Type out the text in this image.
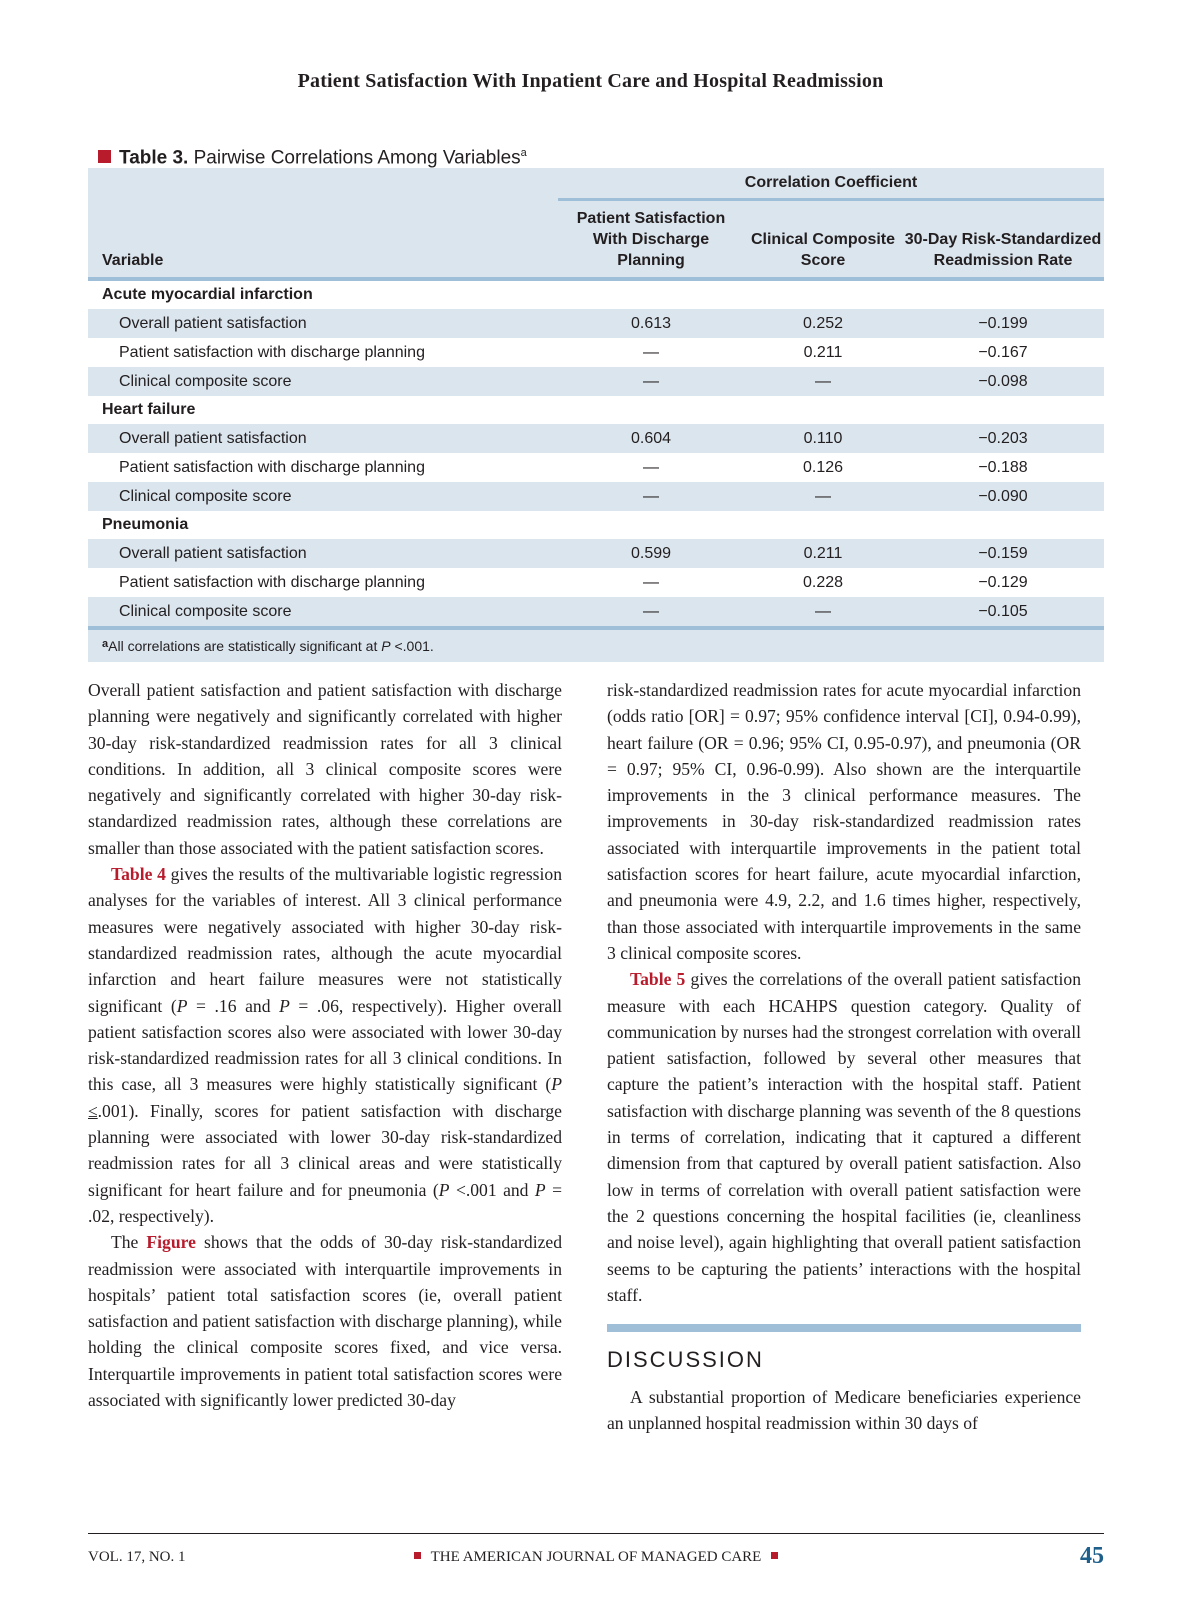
Patient Satisfaction With Inpatient Care and Hospital Readmission
Table 3. Pairwise Correlations Among Variables$^a$
	Correlation Coefficient		
Variable	Patient Satisfaction With Discharge Planning	Clinical Composite Score	30-Day Risk-Standardized Readmission Rate
Acute myocardial infarction			
Overall patient satisfaction	0.613	0.252	−0.199
Patient satisfaction with discharge planning	—	0.211	−0.167
Clinical composite score	—	—	−0.098
Heart failure			
Overall patient satisfaction	0.604	0.110	−0.203
Patient satisfaction with discharge planning	—	0.126	−0.188
Clinical composite score	—	—	−0.090
Pneumonia			
Overall patient satisfaction	0.599	0.211	−0.159
Patient satisfaction with discharge planning	—	0.228	−0.129
Clinical composite score	—	—	−0.105
$^a$All correlations are statistically significant at P <.001.			

Overall patient satisfaction and patient satisfaction with discharge planning were negatively and significantly correlated with higher 30-day risk-standardized readmission rates for all 3 clinical conditions. In addition, all 3 clinical composite scores were negatively and significantly correlated with higher 30-day risk-standardized readmission rates, although these correlations are smaller than those associated with the patient satisfaction scores.

Table 4 gives the results of the multivariable logistic regression analyses for the variables of interest. All 3 clinical performance measures were negatively associated with higher 30-day risk-standardized readmission rates, although the acute myocardial infarction and heart failure measures were not statistically significant (P = .16 and P = .06, respectively). Higher overall patient satisfaction scores also were associated with lower 30-day risk-standardized readmission rates for all 3 clinical conditions. In this case, all 3 measures were highly statistically significant (P ≤.001). Finally, scores for patient satisfaction with discharge planning were associated with lower 30-day risk-standardized readmission rates for all 3 clinical areas and were statistically significant for heart failure and for pneumonia (P <.001 and P = .02, respectively).

The Figure shows that the odds of 30-day risk-standardized readmission were associated with interquartile improvements in hospitals’ patient total satisfaction scores (ie, overall patient satisfaction and patient satisfaction with discharge planning), while holding the clinical composite scores fixed, and vice versa. Interquartile improvements in patient total satisfaction scores were associated with significantly lower predicted 30-day

risk-standardized readmission rates for acute myocardial infarction (odds ratio [OR] = 0.97; 95% confidence interval [CI], 0.94-0.99), heart failure (OR = 0.96; 95% CI, 0.95-0.97), and pneumonia (OR = 0.97; 95% CI, 0.96-0.99). Also shown are the interquartile improvements in the 3 clinical performance measures. The improvements in 30-day risk-standardized readmission rates associated with interquartile improvements in the patient total satisfaction scores for heart failure, acute myocardial infarction, and pneumonia were 4.9, 2.2, and 1.6 times higher, respectively, than those associated with interquartile improvements in the same 3 clinical composite scores.

Table 5 gives the correlations of the overall patient satisfaction measure with each HCAHPS question category. Quality of communication by nurses had the strongest correlation with overall patient satisfaction, followed by several other measures that capture the patient’s interaction with the hospital staff. Patient satisfaction with discharge planning was seventh of the 8 questions in terms of correlation, indicating that it captured a different dimension from that captured by overall patient satisfaction. Also low in terms of correlation with overall patient satisfaction were the 2 questions concerning the hospital facilities (ie, cleanliness and noise level), again highlighting that overall patient satisfaction seems to be capturing the patients’ interactions with the hospital staff.

DISCUSSION

A substantial proportion of Medicare beneficiaries experience an unplanned hospital readmission within 30 days of

VOL. 17, NO. 1	THE AMERICAN JOURNAL OF MANAGED CARE	45
